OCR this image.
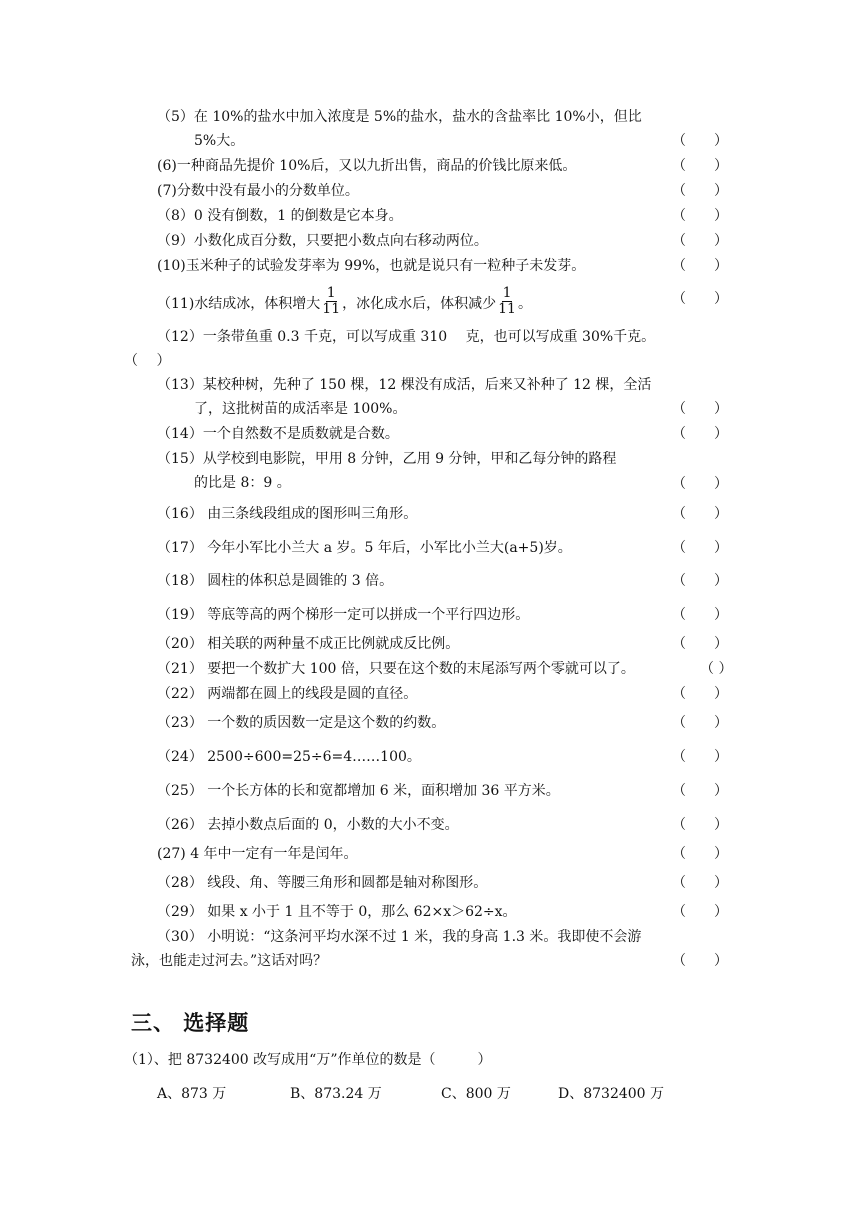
（5）在 10%的盐水中加入浓度是 5%的盐水，盐水的含盐率比 10%小，但比
5%大。	（ ）
(6)一种商品先提价 10%后，又以九折出售，商品的价钱比原来低。	（ ）
(7)分数中没有最小的分数单位。	（ ）
（8）0 没有倒数，1 的倒数是它本身。	（ ）
（9）小数化成百分数，只要把小数点向右移动两位。	（ ）
(10)玉米种子的试验发芽率为 99%，也就是说只有一粒种子未发芽。	（ ）
（11)水结成冰，体积增大 $\frac{1}{11}$ ，冰化成水后，体积减少 $\frac{1}{11}$ 。	（ ）
（12）一条带鱼重 0.3 千克，可以写成重 310　 克，也可以写成重 30%千克。
（　 ）
（13）某校种树，先种了 150 棵，12 棵没有成活，后来又补种了 12 棵，全活
了，这批树苗的成活率是 100%。	（ ）
（14）一个自然数不是质数就是合数。	（ ）
（15）从学校到电影院，甲用 8 分钟，乙用 9 分钟，甲和乙每分钟的路程
的比是 8：9 。	（ ）
（16） 由三条线段组成的图形叫三角形。	（ ）
（17） 今年小军比小兰大 a 岁。5 年后，小军比小兰大(a+5)岁。	（ ）
（18） 圆柱的体积总是圆锥的 3 倍。	（ ）
（19） 等底等高的两个梯形一定可以拼成一个平行四边形。	（ ）
（20） 相关联的两种量不成正比例就成反比例。	（ ）
（21） 要把一个数扩大 100 倍，只要在这个数的末尾添写两个零就可以了。	（ ）
（22） 两端都在圆上的线段是圆的直径。	（ ）
（23） 一个数的质因数一定是这个数的约数。	（ ）
（24） 2500÷600=25÷6=4……100。	（ ）
（25） 一个长方体的长和宽都增加 6 米，面积增加 36 平方米。	（ ）
（26） 去掉小数点后面的 0，小数的大小不变。	（ ）
(27) 4 年中一定有一年是闰年。	（ ）
（28） 线段、角、等腰三角形和圆都是轴对称图形。	（ ）
（29） 如果 x 小于 1 且不等于 0，那么 62×x＞62÷x。	（ ）
（30） 小明说：“这条河平均水深不过 1 米，我的身高 1.3 米。我即使不会游
泳，也能走过河去。”这话对吗？	（ ）
三、 选择题
（1）、把 8732400 改写成用“万”作单位的数是（　　　）
A、873 万	B、873.24 万	C、800 万	D、8732400 万
